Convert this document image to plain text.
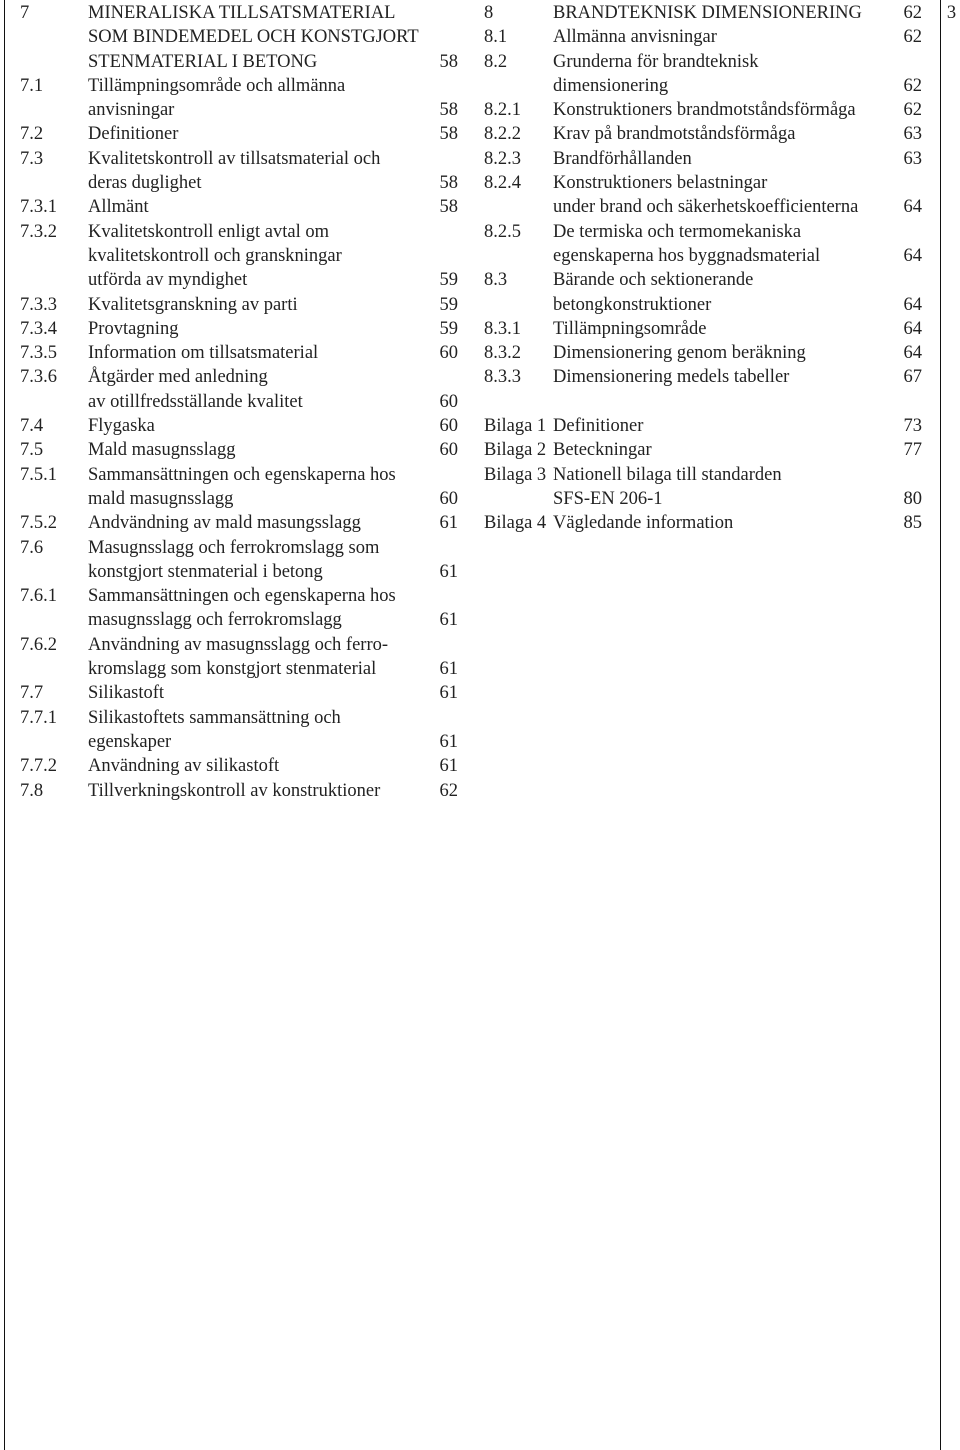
3
7	MINERALISKA TILLSATSMATERIAL
SOM BINDEMEDEL OCH KONSTGJORT
STENMATERIAL I BETONG	58
7.1 Tillämpningsområde och allmänna
anvisningar	58
7.2 Definitioner	58
7.3 Kvalitetskontroll av tillsatsmaterial och
deras duglighet	58
7.3.1 Allmänt	58
7.3.2 Kvalitetskontroll enligt avtal om
kvalitetskontroll och granskningar
utförda av myndighet	59
7.3.3 Kvalitetsgranskning av parti	59
7.3.4 Provtagning	59
7.3.5 Information om tillsatsmaterial	60
7.3.6 Åtgärder med anledning
av otillfredsställande kvalitet	60
7.4 Flygaska	60
7.5 Mald masugnsslagg	60
7.5.1 Sammansättningen och egenskaperna hos
mald masugnsslagg	60
7.5.2 Andvändning av mald masungsslagg	61
7.6 Masugnsslagg och ferrokromslagg som
konstgjort stenmaterial i betong	61
7.6.1 Sammansättningen och egenskaperna hos
masugnsslagg och ferrokromslagg	61
7.6.2 Användning av masugnsslagg och ferro-
kromslagg som konstgjort stenmaterial	61
7.7 Silikastoft	61
7.7.1 Silikastoftets sammansättning och
egenskaper	61
7.7.2 Användning av silikastoft	61
7.8 Tillverkningskontroll av konstruktioner	62
8	BRANDTEKNISK DIMENSIONERING 62
8.1 Allmänna anvisningar	62
8.2 Grunderna för brandteknisk
dimensionering	62
8.2.1 Konstruktioners brandmotståndsförmåga	62
8.2.2 Krav på brandmotståndsförmåga	63
8.2.3 Brandförhållanden	63
8.2.4 Konstruktioners belastningar
under brand och säkerhetskoefficienterna 64
8.2.5 De termiska och termomekaniska
egenskaperna hos byggnadsmaterial	64
8.3 Bärande och sektionerande
betongkonstruktioner	64
8.3.1 Tillämpningsområde	64
8.3.2 Dimensionering genom beräkning	64
8.3.3 Dimensionering medels tabeller	67
Bilaga 1 Definitioner	73
Bilaga 2 Beteckningar	77
Bilaga 3 Nationell bilaga till standarden
SFS-EN 206-1	80
Bilaga 4 Vägledande information	85
